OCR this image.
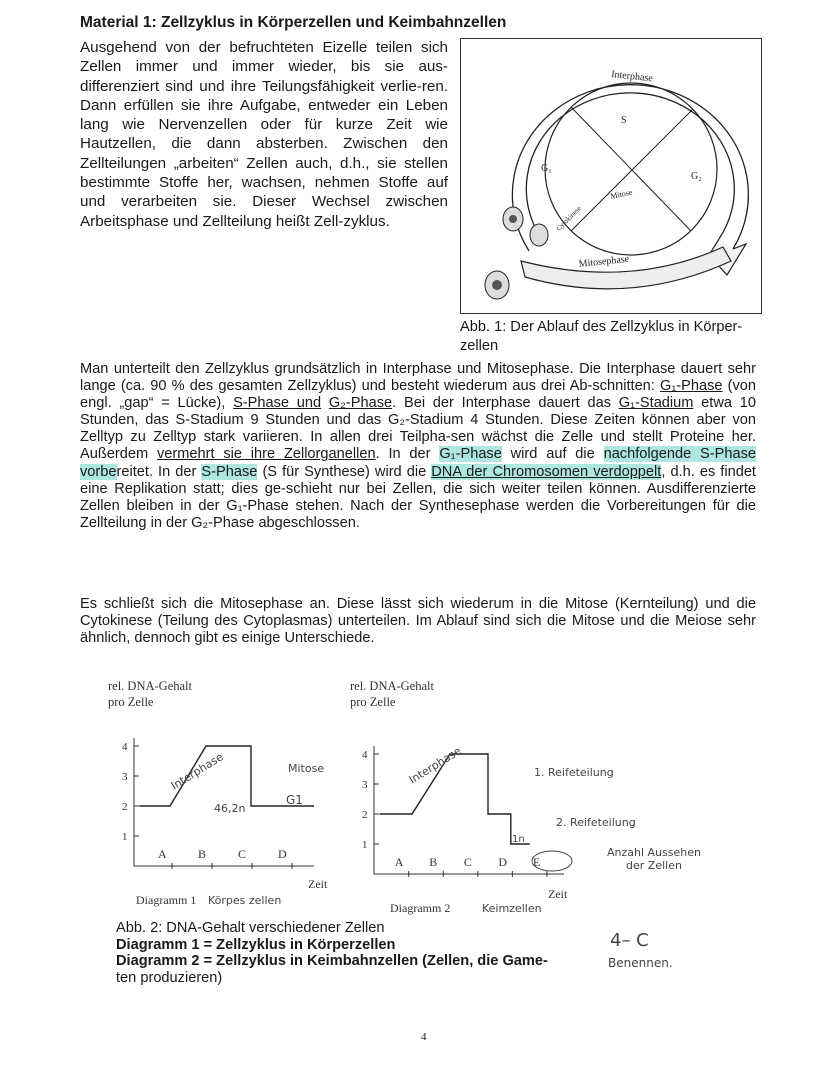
Material 1: Zellzyklus in Körperzellen und Keimbahnzellen
Ausgehend von der befruchteten Eizelle teilen sich Zellen immer und immer wieder, bis sie aus-differenziert sind und ihre Teilungsfähigkeit verlie-ren. Dann erfüllen sie ihre Aufgabe, entweder ein Leben lang wie Nervenzellen oder für kurze Zeit wie Hautzellen, die dann absterben. Zwischen den Zellteilungen „arbeiten“ Zellen auch, d.h., sie stellen bestimmte Stoffe her, wachsen, nehmen Stoffe auf und verarbeiten sie. Dieser Wechsel zwischen Arbeitsphase und Zellteilung heißt Zell-zyklus.
Interphase
S
G₁
G₂
Mitose
Cytokinese
Mitosephase
Abb. 1: Der Ablauf des Zellzyklus in Körper-zellen
Man unterteilt den Zellzyklus grundsätzlich in Interphase und Mitosephase. Die Interphase dauert sehr lange (ca. 90 % des gesamten Zellzyklus) und besteht wiederum aus drei Ab-schnitten: G₁-Phase (von engl. „gap“ = Lücke), S-Phase und G₂-Phase. Bei der Interphase dauert das G₁-Stadium etwa 10 Stunden, das S-Stadium 9 Stunden und das G₂-Stadium 4 Stunden. Diese Zeiten können aber von Zelltyp zu Zelltyp stark variieren. In allen drei Teilpha-sen wächst die Zelle und stellt Proteine her. Außerdem vermehrt sie ihre Zellorganellen. In der G₁-Phase wird auf die nachfolgende S-Phase vorbereitet. In der S-Phase (S für Synthese) wird die DNA der Chromosomen verdoppelt, d.h. es findet eine Replikation statt; dies ge-schieht nur bei Zellen, die sich weiter teilen können. Ausdifferenzierte Zellen bleiben in der G₁-Phase stehen. Nach der Synthesephase werden die Vorbereitungen für die Zellteilung in der G₂-Phase abgeschlossen.
Es schließt sich die Mitosephase an. Diese lässt sich wiederum in die Mitose (Kernteilung) und die Cytokinese (Teilung des Cytoplasmas) unterteilen. Im Ablauf sind sich die Mitose und die Meiose sehr ähnlich, dennoch gibt es einige Unterschiede.
rel. DNA-Gehalt
pro Zelle
1
2
3
4
A	B	C	D
Zeit
Diagramm 1 Körpes zellen
Interphase	Mitose
46,2n
G1
rel. DNA-Gehalt
pro Zelle
1
2
3
4
A B C D E
Zeit
Diagramm 2	Keimzellen
Interphase	1. Reifeteilung
2. Reifeteilung
1n
Anzahl Aussehen der Zellen
Abb. 2: DNA-Gehalt verschiedener Zellen
Diagramm 1 = Zellzyklus in Körperzellen
Diagramm 2 = Zellzyklus in Keimbahnzellen (Zellen, die Game-
ten produzieren)
4– C
Benennen.
4
